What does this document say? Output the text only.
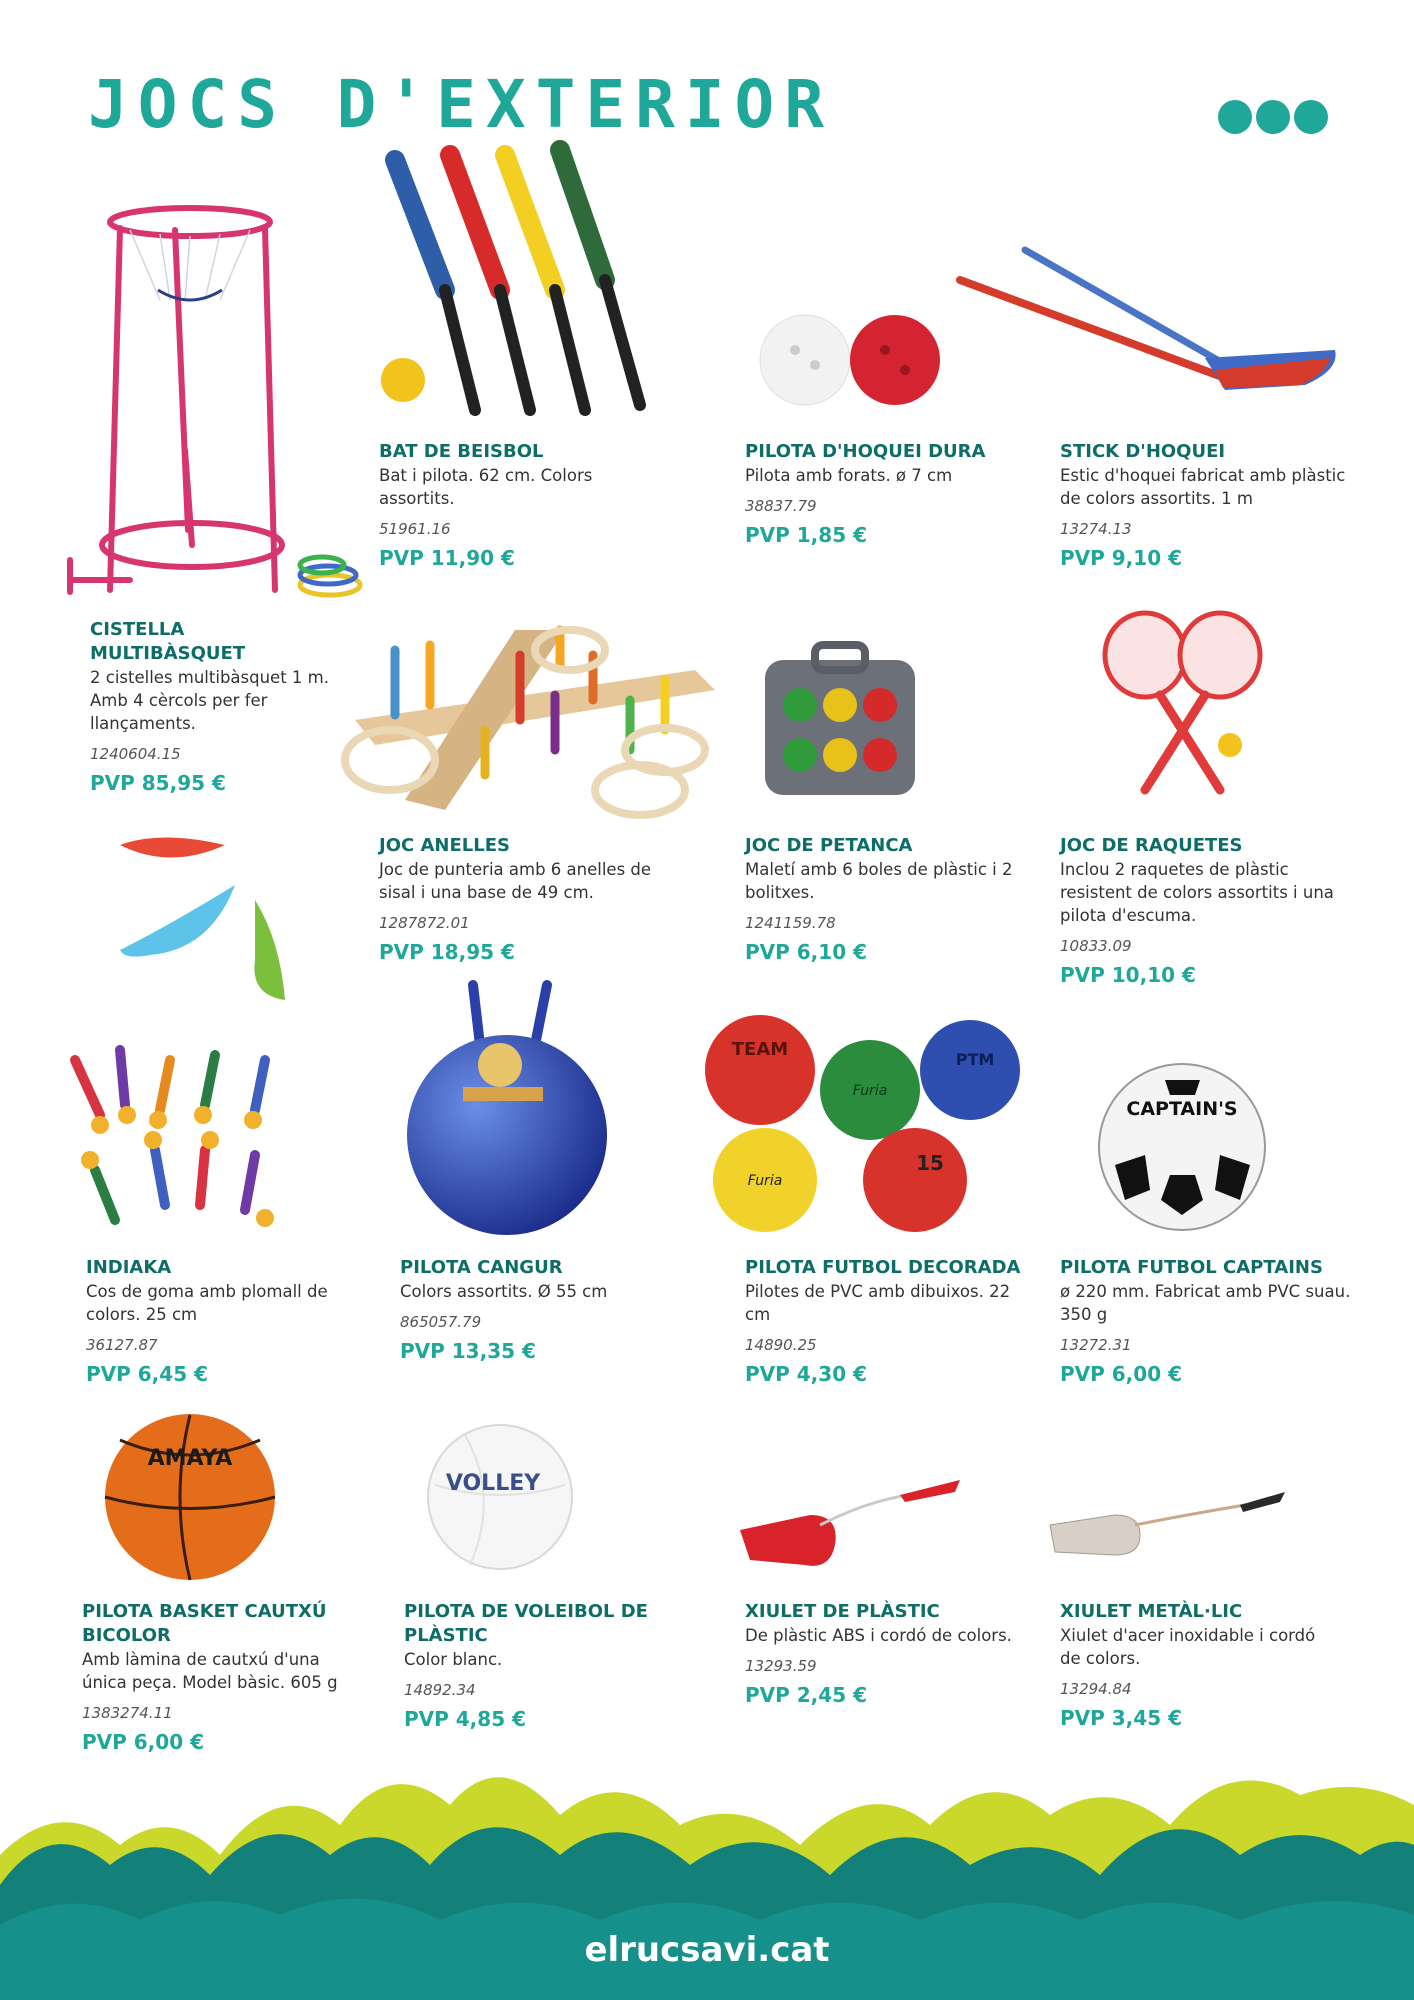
JOCS D'EXTERIOR
TEAM
Furia
PTM
Furia
15
CAPTAIN'S
AMAYA
VOLLEY
CISTELLA MULTIBÀSQUET
2 cistelles multibàsquet 1 m. Amb 4 cèrcols per fer llançaments.
1240604.15
PVP 85,95 €
BAT DE BEISBOL
Bat i pilota. 62 cm. Colors assortits.
51961.16
PVP 11,90 €
PILOTA D'HOQUEI DURA
Pilota amb forats. ø 7 cm
38837.79
PVP 1,85 €
STICK D'HOQUEI
Estic d'hoquei fabricat amb plàstic de colors assortits. 1 m
13274.13
PVP 9,10 €
JOC ANELLES
Joc de punteria amb 6 anelles de sisal i una base de 49 cm.
1287872.01
PVP 18,95 €
JOC DE PETANCA
Maletí amb 6 boles de plàstic i 2 bolitxes.
1241159.78
PVP 6,10 €
JOC DE RAQUETES
Inclou 2 raquetes de plàstic resistent de colors assortits i una pilota d'escuma.
10833.09
PVP 10,10 €
INDIAKA
Cos de goma amb plomall de colors. 25 cm
36127.87
PVP 6,45 €
PILOTA CANGUR
Colors assortits. Ø 55 cm
865057.79
PVP 13,35 €
PILOTA FUTBOL DECORADA
Pilotes de PVC amb dibuixos. 22 cm
14890.25
PVP 4,30 €
PILOTA FUTBOL CAPTAINS
ø 220 mm. Fabricat amb PVC suau. 350 g
13272.31
PVP 6,00 €
PILOTA BASKET CAUTXÚ BICOLOR
Amb làmina de cautxú d'una única peça. Model bàsic. 605 g
1383274.11
PVP 6,00 €
PILOTA DE VOLEIBOL DE PLÀSTIC
Color blanc.
14892.34
PVP 4,85 €
XIULET DE PLÀSTIC
De plàstic ABS i cordó de colors.
13293.59
PVP 2,45 €
XIULET METÀL·LIC
Xiulet d'acer inoxidable i cordó de colors.
13294.84
PVP 3,45 €
elrucsavi.cat
